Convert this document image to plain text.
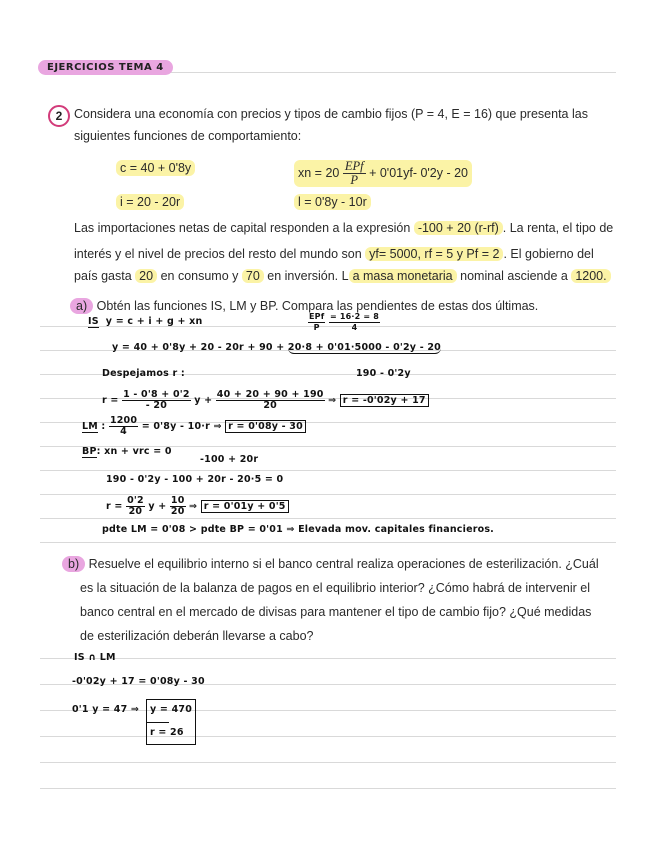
EJERCICIOS TEMA 4
2 Considera una economía con precios y tipos de cambio fijos (P = 4, E = 16) que presenta las
siguientes funciones de comportamiento:
c = 40 + 0'8y	xn = 20 EPf
P
+ 0'01yf- 0'2y - 20
i = 20 - 20r	l = 0'8y - 10r
Las importaciones netas de capital responden a la expresión -100 + 20 (r-rf) . La renta, el tipo de
interés y el nivel de precios del resto del mundo son yf= 5000, rf = 5 y Pf = 2 . El gobierno del
país gasta 20 en consumo y 70 en inversión. L a masa monetaria nominal asciende a 1200.
a) Obtén las funciones IS, LM y BP. Compara las pendientes de estas dos últimas.
IS y = c + i + g + xn	$\frac{\text{EPf}}{P}$
$\frac{= 16\cdot 2 = 8}{4}$
y = 40 + 0'8y + 20 - 20r + 90 + 20·8 + 0'01·5000 - 0'2y - 20
Despejamos r :	190 - 0'2y
$r = \frac{1 - 0'8 + 0'2}{- 20}$ $y + \frac{40 + 20 + 90 + 190}{20}$ ⇒ r = -0'02y + 17
LM : $\frac{1200}{4} = 0'8y - 10\cdot r$ ⇒ r = 0'08y - 30
BP: xn + vrc = 0
-100 + 20r
190 - 0'2y - 100 + 20r - 20·5 = 0
$r = \frac{0'2}{20}$ $y + \frac{10}{20}$ ⇒ r = 0'01y + 0'5
pdte LM = 0'08 > pdte BP = 0'01 ⇒ Elevada mov. capitales financieros.
b) Resuelve el equilibrio interno si el banco central realiza operaciones de esterilización. ¿Cuál
es la situación de la balanza de pagos en el equilibrio interior? ¿Cómo habrá de intervenir el
banco central en el mercado de divisas para mantener el tipo de cambio fijo? ¿Qué medidas
de esterilización deberán llevarse a cabo?
IS ∩ LM
-0'02y + 17 = 0'08y - 30
0'1 y = 47 ⇒ y = 470
r = 26
